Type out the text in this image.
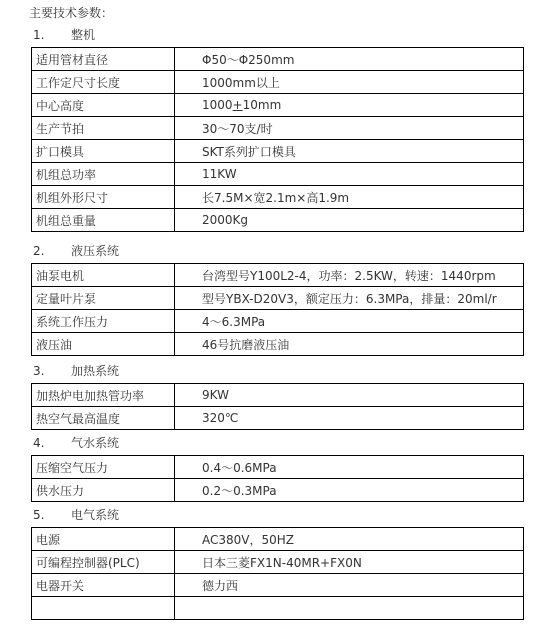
主要技术参数：
1. 整机
适用管材直径	Φ50～Φ250mm
工作定尺寸长度	1000mm以上
中心高度	1000+10mm
生产节拍	30～70支/时
扩口模具	SKT系列扩口模具
机组总功率	11KW
机组外形尺寸	长7.5M×宽2.1m×高1.9m
机组总重量	2000Kg
2. 液压系统
油泵电机	台湾型号Y100L2-4，功率：2.5KW，转速：1440rpm
定量叶片泵	型号YBX-D20V3，额定压力：6.3MPa，排量：20ml/r
系统工作压力	4～6.3MPa
液压油	46号抗磨液压油
3. 加热系统
加热炉电加热管功率	9KW
热空气最高温度	320℃
4. 气水系统
压缩空气压力	0.4～0.6MPa
供水压力	0.2～0.3MPa
5. 电气系统
电源	AC380V，50HZ
可编程控制器(PLC)	日本三菱FX1N-40MR+FX0N
电器开关	德力西
